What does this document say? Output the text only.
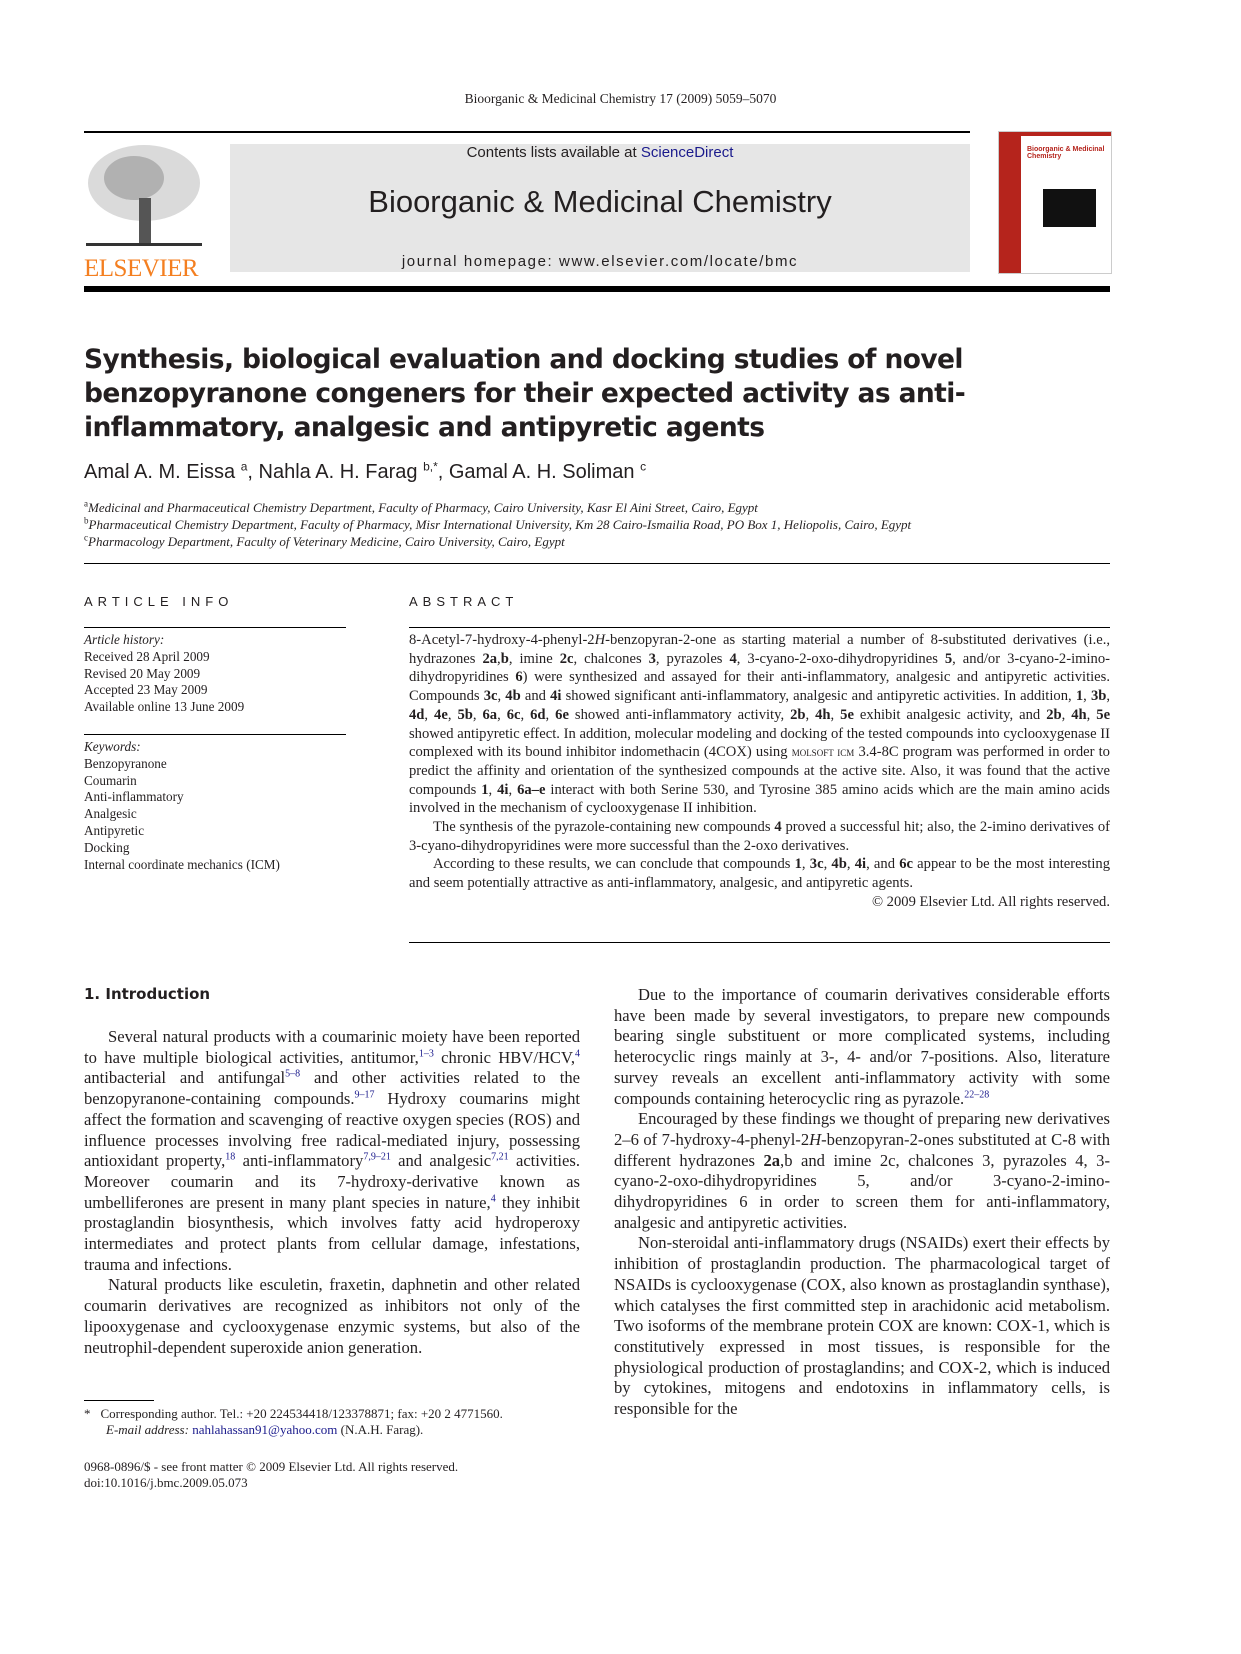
Bioorganic & Medicinal Chemistry 17 (2009) 5059–5070
ELSEVIER
Contents lists available at ScienceDirect
Bioorganic & Medicinal Chemistry
journal homepage: www.elsevier.com/locate/bmc
Bioorganic & Medicinal Chemistry
Synthesis, biological evaluation and docking studies of novel benzopyranone congeners for their expected activity as anti-inflammatory, analgesic and antipyretic agents
Amal A. M. Eissa $^a$, Nahla A. H. Farag $^{b,*}$, Gamal A. H. Soliman $^c$
$^a$Medicinal and Pharmaceutical Chemistry Department, Faculty of Pharmacy, Cairo University, Kasr El Aini Street, Cairo, Egypt
$^b$Pharmaceutical Chemistry Department, Faculty of Pharmacy, Misr International University, Km 28 Cairo-Ismailia Road, PO Box 1, Heliopolis, Cairo, Egypt
$^c$Pharmacology Department, Faculty of Veterinary Medicine, Cairo University, Cairo, Egypt
ARTICLE INFO
Article history:
Received 28 April 2009
Revised 20 May 2009
Accepted 23 May 2009
Available online 13 June 2009
Keywords:
Benzopyranone
Coumarin
Anti-inflammatory
Analgesic
Antipyretic
Docking
Internal coordinate mechanics (ICM)
ABSTRACT

8-Acetyl-7-hydroxy-4-phenyl-2H-benzopyran-2-one as starting material a number of 8-substituted derivatives (i.e., hydrazones 2a,b, imine 2c, chalcones 3, pyrazoles 4, 3-cyano-2-oxo-dihydropyridines 5, and/or 3-cyano-2-imino-dihydropyridines 6) were synthesized and assayed for their anti-inflammatory, analgesic and antipyretic activities. Compounds 3c, 4b and 4i showed significant anti-inflammatory, analgesic and antipyretic activities. In addition, 1, 3b, 4d, 4e, 5b, 6a, 6c, 6d, 6e showed anti-inflammatory activity, 2b, 4h, 5e exhibit analgesic activity, and 2b, 4h, 5e showed antipyretic effect. In addition, molecular modeling and docking of the tested compounds into cyclooxygenase II complexed with its bound inhibitor indomethacin (4COX) using molsoft icm 3.4-8C program was performed in order to predict the affinity and orientation of the synthesized compounds at the active site. Also, it was found that the active compounds 1, 4i, 6a–e interact with both Serine 530, and Tyrosine 385 amino acids which are the main amino acids involved in the mechanism of cyclooxygenase II inhibition.

The synthesis of the pyrazole-containing new compounds 4 proved a successful hit; also, the 2-imino derivatives of 3-cyano-dihydropyridines were more successful than the 2-oxo derivatives.

According to these results, we can conclude that compounds 1, 3c, 4b, 4i, and 6c appear to be the most interesting and seem potentially attractive as anti-inflammatory, analgesic, and antipyretic agents.

© 2009 Elsevier Ltd. All rights reserved.
1. Introduction

Several natural products with a coumarinic moiety have been reported to have multiple biological activities, antitumor,$^{1-3}$ chronic HBV/HCV,$^4$ antibacterial and antifungal$^{5-8}$ and other activities related to the benzopyranone-containing compounds.$^{9-17}$ Hydroxy coumarins might affect the formation and scavenging of reactive oxygen species (ROS) and influence processes involving free radical-mediated injury, possessing antioxidant property,$^{18}$ anti-inflammatory$^{7,9-21}$ and analgesic$^{7,21}$ activities. Moreover coumarin and its 7-hydroxy-derivative known as umbelliferones are present in many plant species in nature,$^4$ they inhibit prostaglandin biosynthesis, which involves fatty acid hydroperoxy intermediates and protect plants from cellular damage, infestations, trauma and infections.

Natural products like esculetin, fraxetin, daphnetin and other related coumarin derivatives are recognized as inhibitors not only of the lipooxygenase and cyclooxygenase enzymic systems, but also of the neutrophil-dependent superoxide anion generation.

Due to the importance of coumarin derivatives considerable efforts have been made by several investigators, to prepare new compounds bearing single substituent or more complicated systems, including heterocyclic rings mainly at 3-, 4- and/or 7-positions. Also, literature survey reveals an excellent anti-inflammatory activity with some compounds containing heterocyclic ring as pyrazole.$^{22-28}$

Encouraged by these findings we thought of preparing new derivatives 2–6 of 7-hydroxy-4-phenyl-2H-benzopyran-2-ones substituted at C-8 with different hydrazones 2a,b and imine 2c, chalcones 3, pyrazoles 4, 3-cyano-2-oxo-dihydropyridines 5, and/or 3-cyano-2-imino-dihydropyridines 6 in order to screen them for anti-inflammatory, analgesic and antipyretic activities.

Non-steroidal anti-inflammatory drugs (NSAIDs) exert their effects by inhibition of prostaglandin production. The pharmacological target of NSAIDs is cyclooxygenase (COX, also known as prostaglandin synthase), which catalyses the first committed step in arachidonic acid metabolism. Two isoforms of the membrane protein COX are known: COX-1, which is constitutively expressed in most tissues, is responsible for the physiological production of prostaglandins; and COX-2, which is induced by cytokines, mitogens and endotoxins in inflammatory cells, is responsible for the

* Corresponding author. Tel.: +20 224534418/123378871; fax: +20 2 4771560.
E-mail address: nahlahassan91@yahoo.com (N.A.H. Farag).
0968-0896/$ - see front matter © 2009 Elsevier Ltd. All rights reserved.
doi:10.1016/j.bmc.2009.05.073
